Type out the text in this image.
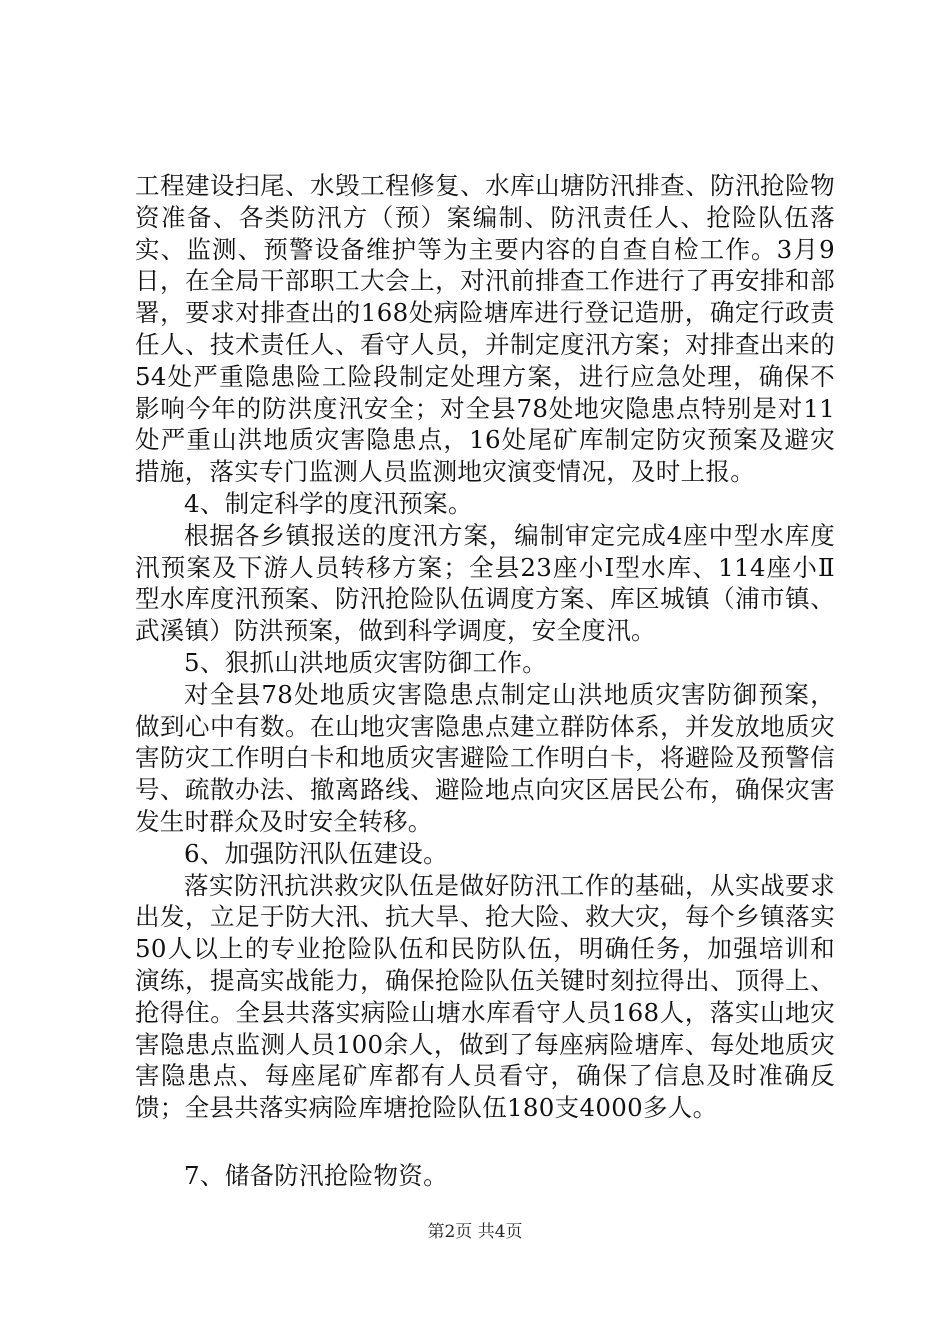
工程建设扫尾、水毁工程修复、水库山塘防汛排查、防汛抢险物资准备、各类防汛方（预）案编制、防汛责任人、抢险队伍落实、监测、预警设备维护等为主要内容的自查自检工作。3月9日，在全局干部职工大会上，对汛前排查工作进行了再安排和部署，要求对排查出的168处病险塘库进行登记造册，确定行政责任人、技术责任人、看守人员，并制定度汛方案；对排查出来的54处严重隐患险工险段制定处理方案，进行应急处理，确保不影响今年的防洪度汛安全；对全县78处地灾隐患点特别是对11处严重山洪地质灾害隐患点，16处尾矿库制定防灾预案及避灾措施，落实专门监测人员监测地灾演变情况，及时上报。

4、制定科学的度汛预案。

根据各乡镇报送的度汛方案，编制审定完成4座中型水库度汛预案及下游人员转移方案；全县23座小Ⅰ型水库、114座小Ⅱ型水库度汛预案、防汛抢险队伍调度方案、库区城镇（浦市镇、武溪镇）防洪预案，做到科学调度，安全度汛。

5、狠抓山洪地质灾害防御工作。

对全县78处地质灾害隐患点制定山洪地质灾害防御预案，做到心中有数。在山地灾害隐患点建立群防体系，并发放地质灾害防灾工作明白卡和地质灾害避险工作明白卡，将避险及预警信号、疏散办法、撤离路线、避险地点向灾区居民公布，确保灾害发生时群众及时安全转移。

6、加强防汛队伍建设。

落实防汛抗洪救灾队伍是做好防汛工作的基础，从实战要求出发，立足于防大汛、抗大旱、抢大险、救大灾，每个乡镇落实50人以上的专业抢险队伍和民防队伍，明确任务，加强培训和演练，提高实战能力，确保抢险队伍关键时刻拉得出、顶得上、抢得住。全县共落实病险山塘水库看守人员168人，落实山地灾害隐患点监测人员100余人，做到了每座病险塘库、每处地质灾害隐患点、每座尾矿库都有人员看守，确保了信息及时准确反馈；全县共落实病险库塘抢险队伍180支4000多人。

7、储备防汛抢险物资。

第2页 共4页
